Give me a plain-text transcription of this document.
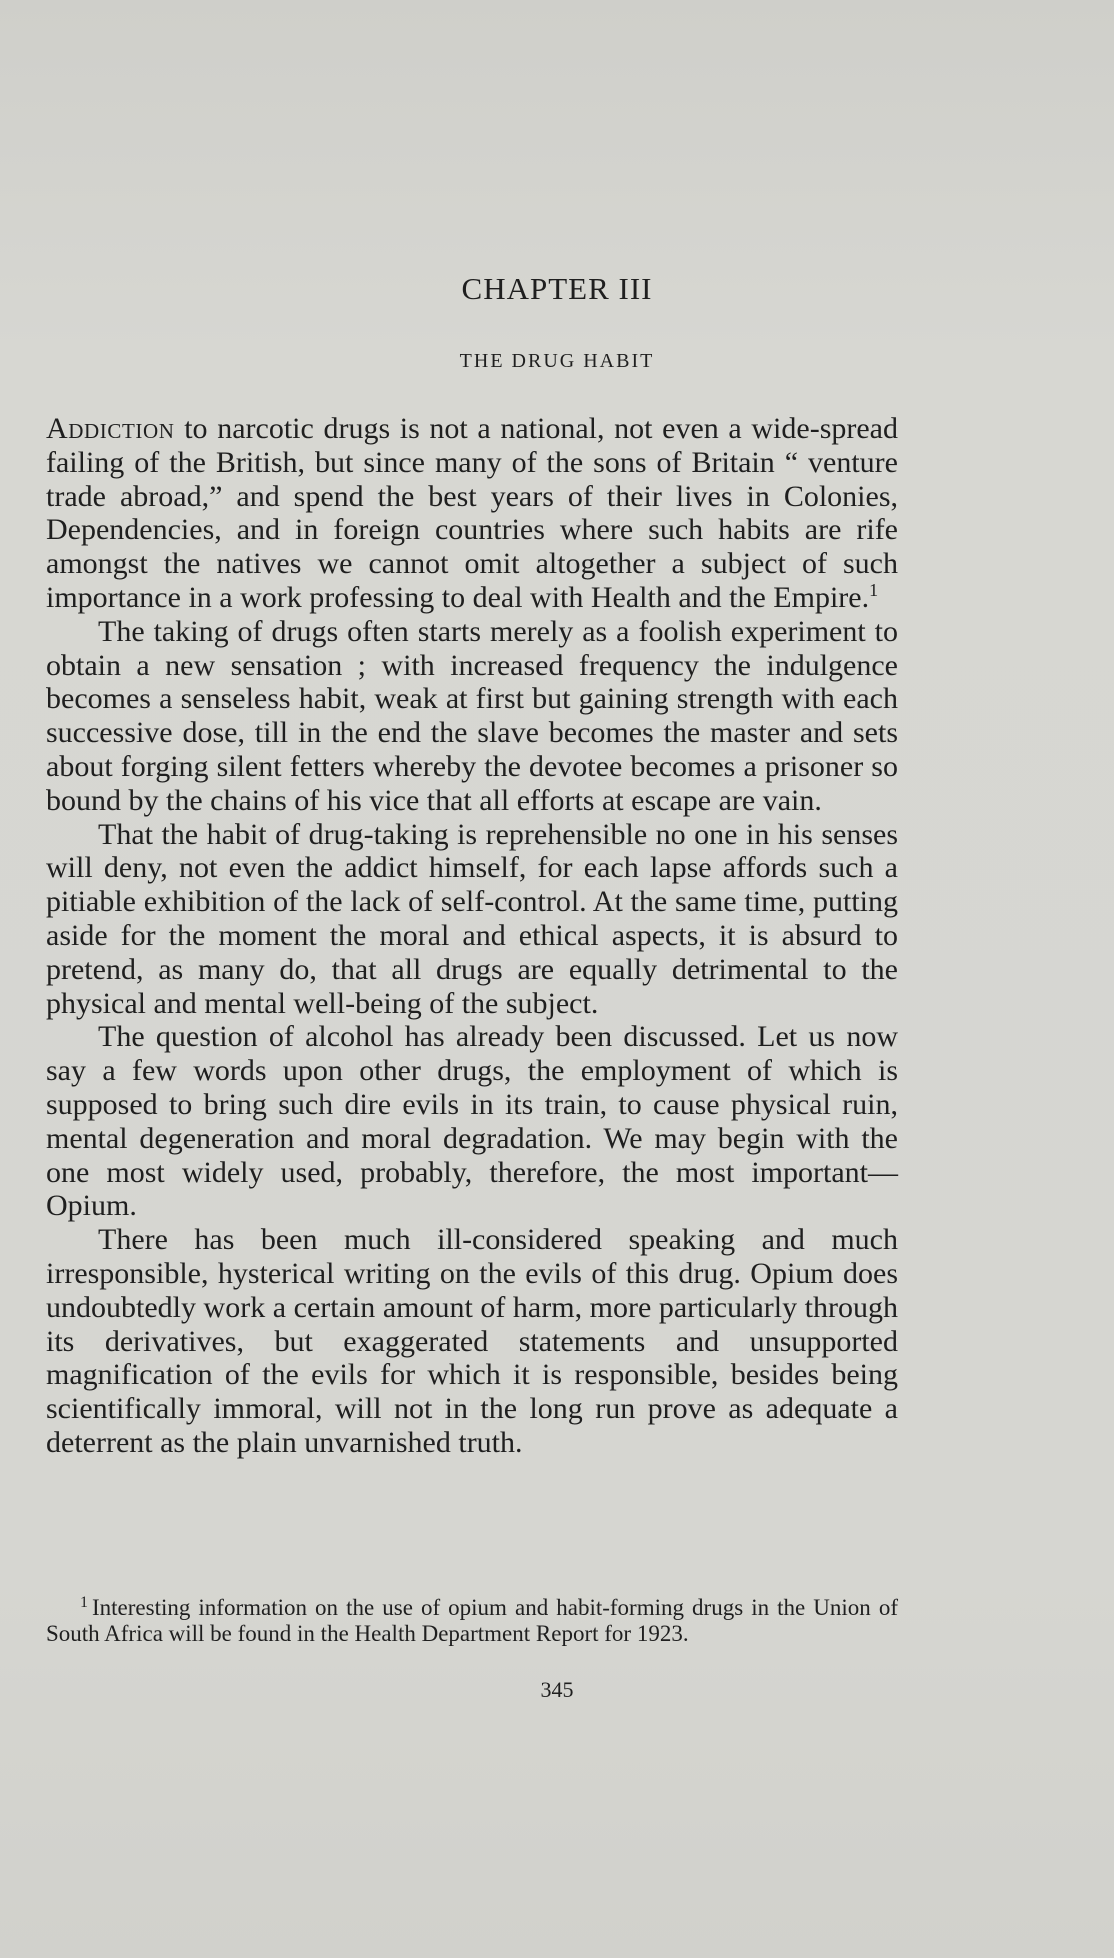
CHAPTER III
THE DRUG HABIT

Addiction to narcotic drugs is not a national, not even a wide-spread failing of the British, but since many of the sons of Britain “ venture trade abroad,” and spend the best years of their lives in Colonies, Dependencies, and in foreign countries where such habits are rife amongst the natives we cannot omit altogether a subject of such importance in a work professing to deal with Health and the Empire.$^1$

The taking of drugs often starts merely as a foolish experiment to obtain a new sensation ; with increased frequency the indulgence becomes a senseless habit, weak at first but gaining strength with each successive dose, till in the end the slave becomes the master and sets about forging silent fetters whereby the devotee becomes a prisoner so bound by the chains of his vice that all efforts at escape are vain.

That the habit of drug-taking is reprehensible no one in his senses will deny, not even the addict himself, for each lapse affords such a pitiable exhibition of the lack of self-control. At the same time, putting aside for the moment the moral and ethical aspects, it is absurd to pretend, as many do, that all drugs are equally detrimental to the physical and mental well-being of the subject.

The question of alcohol has already been discussed. Let us now say a few words upon other drugs, the employment of which is supposed to bring such dire evils in its train, to cause physical ruin, mental degeneration and moral degradation. We may begin with the one most widely used, probably, therefore, the most important—Opium.

There has been much ill-considered speaking and much irresponsible, hysterical writing on the evils of this drug. Opium does undoubtedly work a certain amount of harm, more particularly through its derivatives, but exaggerated statements and unsupported magnification of the evils for which it is responsible, besides being scientifically immoral, will not in the long run prove as adequate a deterrent as the plain unvarnished truth.

$^1$ Interesting information on the use of opium and habit-forming drugs in the Union of South Africa will be found in the Health Department Report for 1923.
345
